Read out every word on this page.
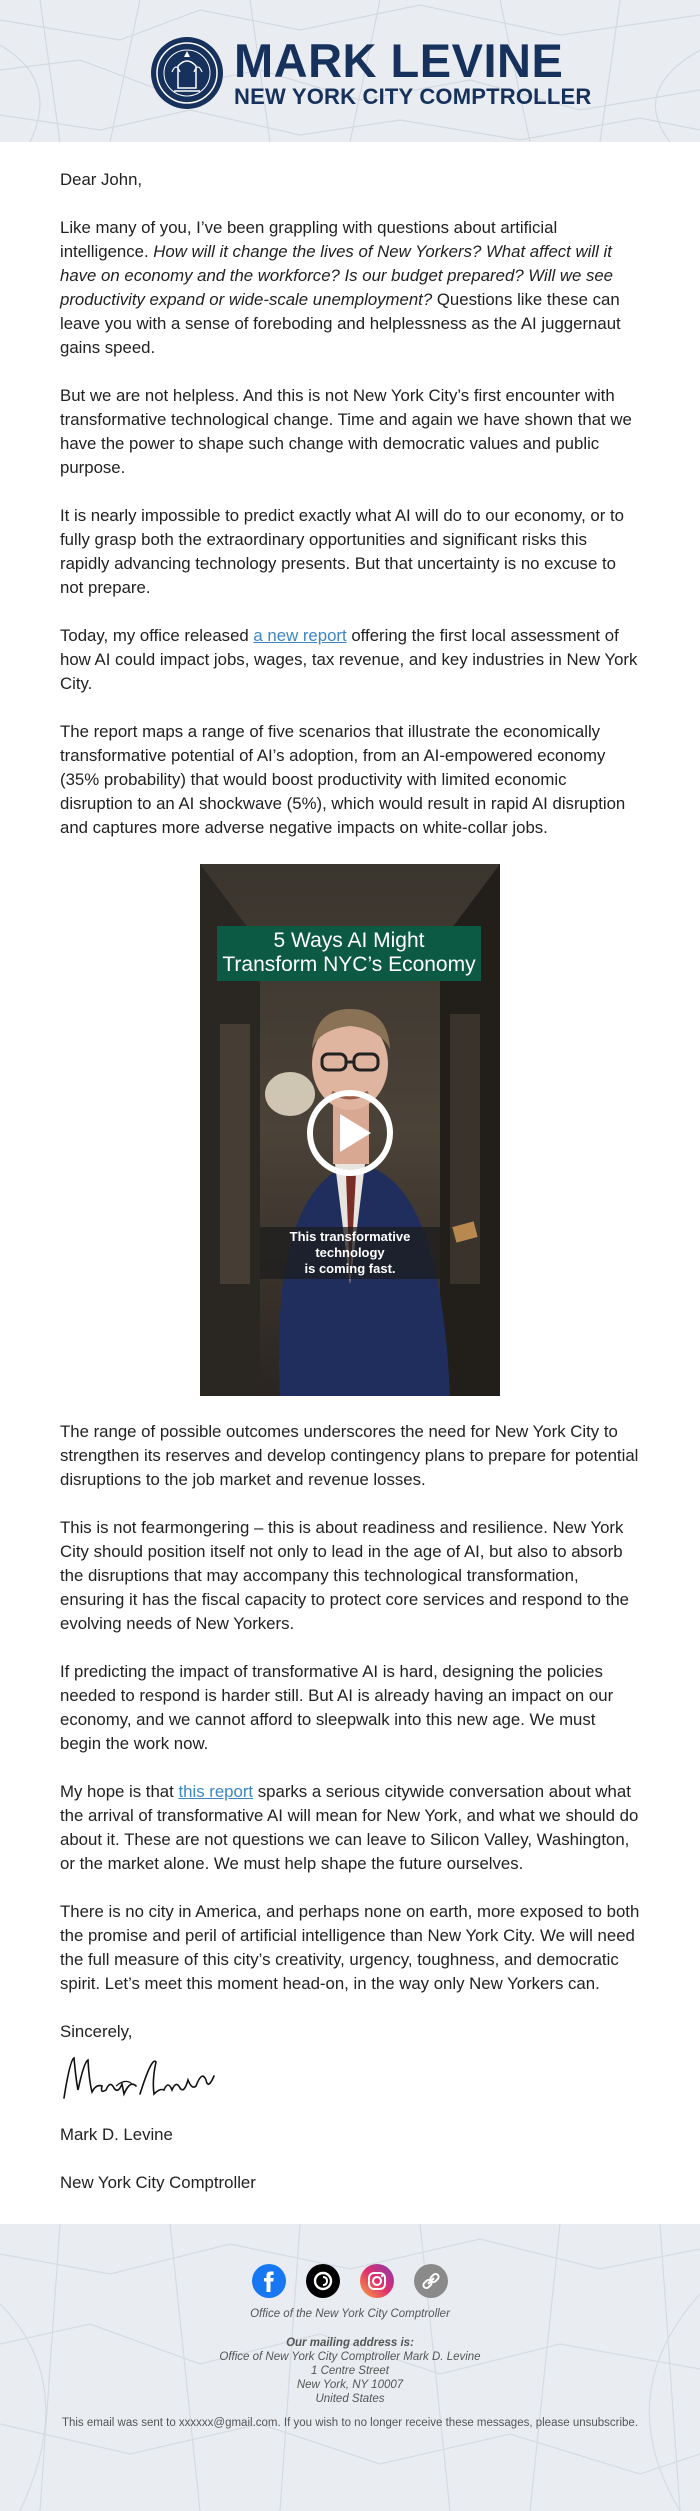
MARK LEVINE
NEW YORK CITY COMPTROLLER

Dear John,

Like many of you, I’ve been grappling with questions about artificial intelligence. How will it change the lives of New Yorkers? What affect will it have on economy and the workforce? Is our budget prepared? Will we see productivity expand or wide-scale unemployment? Questions like these can leave you with a sense of foreboding and helplessness as the AI juggernaut gains speed.

But we are not helpless. And this is not New York City’s first encounter with transformative technological change. Time and again we have shown that we have the power to shape such change with democratic values and public purpose.

It is nearly impossible to predict exactly what AI will do to our economy, or to fully grasp both the extraordinary opportunities and significant risks this rapidly advancing technology presents. But that uncertainty is no excuse to not prepare.

Today, my office released a new report offering the first local assessment of how AI could impact jobs, wages, tax revenue, and key industries in New York City.

The report maps a range of five scenarios that illustrate the economically transformative potential of AI’s adoption, from an AI-empowered economy (35% probability) that would boost productivity with limited economic disruption to an AI shockwave (5%), which would result in rapid AI disruption and captures more adverse negative impacts on white-collar jobs.

5 Ways AI Might
Transform NYC’s Economy
This transformative technology
is coming fast.

The range of possible outcomes underscores the need for New York City to strengthen its reserves and develop contingency plans to prepare for potential disruptions to the job market and revenue losses.

This is not fearmongering – this is about readiness and resilience. New York City should position itself not only to lead in the age of AI, but also to absorb the disruptions that may accompany this technological transformation, ensuring it has the fiscal capacity to protect core services and respond to the evolving needs of New Yorkers.

If predicting the impact of transformative AI is hard, designing the policies needed to respond is harder still. But AI is already having an impact on our economy, and we cannot afford to sleepwalk into this new age. We must begin the work now.

My hope is that this report sparks a serious citywide conversation about what the arrival of transformative AI will mean for New York, and what we should do about it. These are not questions we can leave to Silicon Valley, Washington, or the market alone. We must help shape the future ourselves.

There is no city in America, and perhaps none on earth, more exposed to both the promise and peril of artificial intelligence than New York City. We will need the full measure of this city’s creativity, urgency, toughness, and democratic spirit. Let’s meet this moment head-on, in the way only New Yorkers can.

Sincerely,

Mark D. Levine

New York City Comptroller

Office of the New York City Comptroller
Our mailing address is:
Office of New York City Comptroller Mark D. Levine
1 Centre Street
New York, NY 10007
United States
This email was sent to xxxxxx@gmail.com. If you wish to no longer receive these messages, please unsubscribe.
